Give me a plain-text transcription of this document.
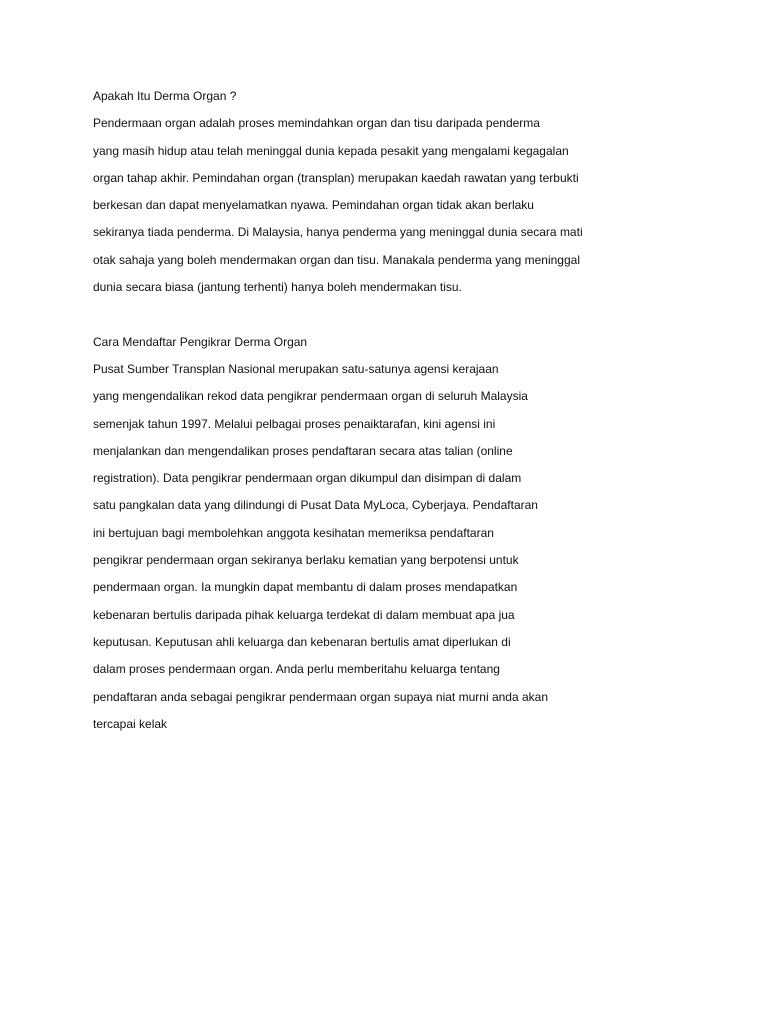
Apakah Itu Derma Organ ?
Pendermaan organ adalah proses memindahkan organ dan tisu daripada penderma
yang masih hidup atau telah meninggal dunia kepada pesakit yang mengalami kegagalan
organ tahap akhir. Pemindahan organ (transplan) merupakan kaedah rawatan yang terbukti
berkesan dan dapat menyelamatkan nyawa. Pemindahan organ tidak akan berlaku
sekiranya tiada penderma. Di Malaysia, hanya penderma yang meninggal dunia secara mati
otak sahaja yang boleh mendermakan organ dan tisu. Manakala penderma yang meninggal
dunia secara biasa (jantung terhenti) hanya boleh mendermakan tisu.
Cara Mendaftar Pengikrar Derma Organ
Pusat Sumber Transplan Nasional merupakan satu-satunya agensi kerajaan
yang mengendalikan rekod data pengikrar pendermaan organ di seluruh Malaysia
semenjak tahun 1997. Melalui pelbagai proses penaiktarafan, kini agensi ini
menjalankan dan mengendalikan proses pendaftaran secara atas talian (online
registration). Data pengikrar pendermaan organ dikumpul dan disimpan di dalam
satu pangkalan data yang dilindungi di Pusat Data MyLoca, Cyberjaya. Pendaftaran
ini bertujuan bagi membolehkan anggota kesihatan memeriksa pendaftaran
pengikrar pendermaan organ sekiranya berlaku kematian yang berpotensi untuk
pendermaan organ. Ia mungkin dapat membantu di dalam proses mendapatkan
kebenaran bertulis daripada pihak keluarga terdekat di dalam membuat apa jua
keputusan. Keputusan ahli keluarga dan kebenaran bertulis amat diperlukan di
dalam proses pendermaan organ. Anda perlu memberitahu keluarga tentang
pendaftaran anda sebagai pengikrar pendermaan organ supaya niat murni anda akan
tercapai kelak
